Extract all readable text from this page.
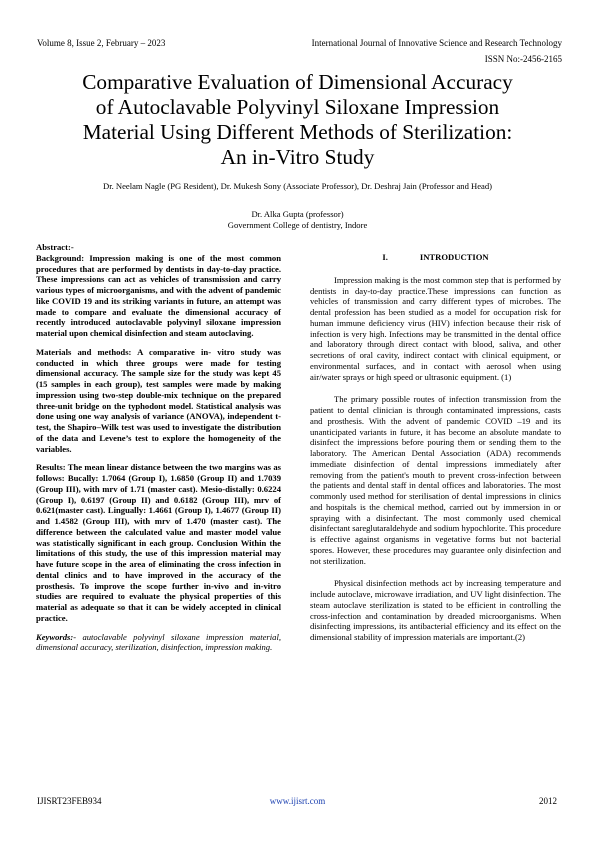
Volume 8, Issue 2, February – 2023	International Journal of Innovative Science and Research Technology
ISSN No:-2456-2165
Comparative Evaluation of Dimensional Accuracy
of Autoclavable Polyvinyl Siloxane Impression
Material Using Different Methods of Sterilization:
An in-Vitro Study
Dr. Neelam Nagle (PG Resident), Dr. Mukesh Sony (Associate Professor), Dr. Deshraj Jain (Professor and Head)
Dr. Alka Gupta (professor)
Government College of dentistry, Indore

Abstract:-

Background: Impression making is one of the most common procedures that are performed by dentists in day-to-day practice. These impressions can act as vehicles of transmission and carry various types of microorganisms, and with the advent of pandemic like COVID 19 and its striking variants in future, an attempt was made to compare and evaluate the dimensional accuracy of recently introduced autoclavable polyvinyl siloxane impression material upon chemical disinfection and steam autoclaving.

Materials and methods: A comparative in- vitro study was conducted in which three groups were made for testing dimensional accuracy. The sample size for the study was kept 45 (15 samples in each group), test samples were made by making impression using two-step double-mix technique on the prepared three-unit bridge on the typhodont model. Statistical analysis was done using one way analysis of variance (ANOVA), independent t-test, the Shapiro–Wilk test was used to investigate the distribution of the data and Levene’s test to explore the homogeneity of the variables.

Results: The mean linear distance between the two margins was as follows: Bucally: 1.7064 (Group I), 1.6850 (Group II) and 1.7039 (Group III), with mrv of 1.71 (master cast). Mesio-distally: 0.6224 (Group I), 0.6197 (Group II) and 0.6182 (Group III), mrv of 0.621(master cast). Lingually: 1.4661 (Group I), 1.4677 (Group II) and 1.4582 (Group III), with mrv of 1.470 (master cast). The difference between the calculated value and master model value was statistically significant in each group. Conclusion Within the limitations of this study, the use of this impression material may have future scope in the area of eliminating the cross infection in dental clinics and to have improved in the accuracy of the prosthesis. To improve the scope further in-vivo and in-vitro studies are required to evaluate the physical properties of this material as adequate so that it can be widely accepted in clinical practice.

Keywords:- autoclavable polyvinyl siloxane impression material, dimensional accuracy, sterilization, disinfection, impression making.

I.	INTRODUCTION

Impression making is the most common step that is performed by dentists in day-to-day practice.These impressions can function as vehicles of transmission and carry different types of microbes. The dental profession has been studied as a model for occupation risk for human immune deficiency virus (HIV) infection because their risk of infection is very high. Infections may be transmitted in the dental office and laboratory through direct contact with blood, saliva, and other secretions of oral cavity, indirect contact with clinical equipment, or environmental surfaces, and in contact with aerosol when using air/water sprays or high speed or ultrasonic equipment. (1)

The primary possible routes of infection transmission from the patient to dental clinician is through contaminated impressions, casts and prosthesis. With the advent of pandemic COVID –19 and its unanticipated variants in future, it has become an absolute mandate to disinfect the impressions before pouring them or sending them to the laboratory. The American Dental Association (ADA) recommends immediate disinfection of dental impressions immediately after removing from the patient's mouth to prevent cross-infection between the patients and dental staff in dental offices and laboratories. The most commonly used method for sterilisation of dental impressions in clinics and hospitals is the chemical method, carried out by immersion in or spraying with a disinfectant. The most commonly used chemical disinfectant sareglutaraldehyde and sodium hypochlorite. This procedure is effective against organisms in vegetative forms but not bacterial spores. However, these procedures may guarantee only disinfection and not sterilization.

Physical disinfection methods act by increasing temperature and include autoclave, microwave irradiation, and UV light disinfection. The steam autoclave sterilization is stated to be efficient in controlling the cross-infection and contamination by dreaded microorganisms. When disinfecting impressions, its antibacterial efficiency and its effect on the dimensional stability of impression materials are important.(2)

IJISRT23FEB934	www.ijisrt.com	2012
